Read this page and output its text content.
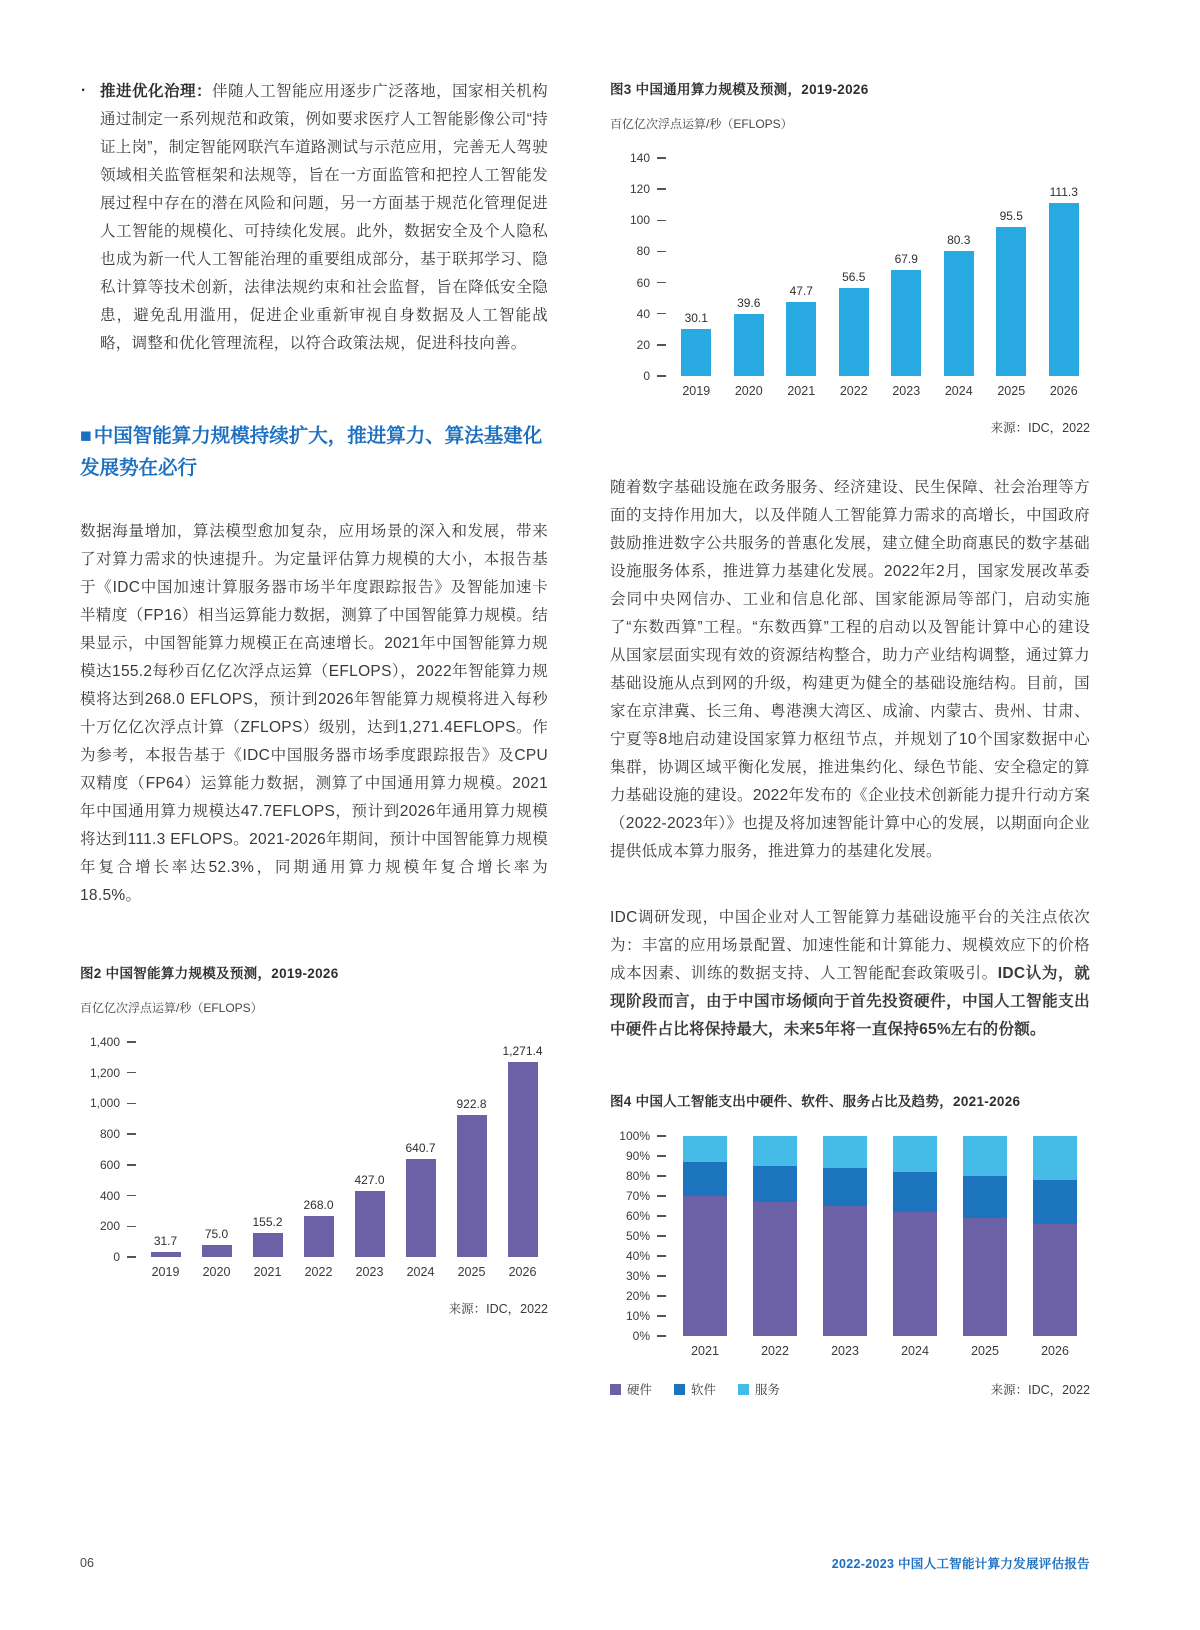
· 推进优化治理：伴随人工智能应用逐步广泛落地，国家相关机构通过制定一系列规范和政策，例如要求医疗人工智能影像公司“持证上岗”，制定智能网联汽车道路测试与示范应用，完善无人驾驶领域相关监管框架和法规等，旨在一方面监管和把控人工智能发展过程中存在的潜在风险和问题，另一方面基于规范化管理促进人工智能的规模化、可持续化发展。此外，数据安全及个人隐私也成为新一代人工智能治理的重要组成部分，基于联邦学习、隐私计算等技术创新，法律法规约束和社会监督，旨在降低安全隐患，避免乱用滥用，促进企业重新审视自身数据及人工智能战略，调整和优化管理流程，以符合政策法规，促进科技向善。

■ 中国智能算力规模持续扩大，推进算力、算法基建化发展势在必行

数据海量增加，算法模型愈加复杂，应用场景的深入和发展，带来了对算力需求的快速提升。为定量评估算力规模的大小，本报告基于《IDC中国加速计算服务器市场半年度跟踪报告》及智能加速卡半精度（FP16）相当运算能力数据，测算了中国智能算力规模。结果显示，中国智能算力规模正在高速增长。2021年中国智能算力规模达155.2每秒百亿亿次浮点运算（EFLOPS），2022年智能算力规模将达到268.0 EFLOPS，预计到2026年智能算力规模将进入每秒十万亿亿次浮点计算（ZFLOPS）级别，达到1,271.4EFLOPS。作为参考，本报告基于《IDC中国服务器市场季度跟踪报告》及CPU双精度（FP64）运算能力数据，测算了中国通用算力规模。2021年中国通用算力规模达47.7EFLOPS，预计到2026年通用算力规模将达到111.3 EFLOPS。2021-2026年期间，预计中国智能算力规模年复合增长率达52.3%，同期通用算力规模年复合增长率为18.5%。

图2 中国智能算力规模及预测，2019-2026
百亿亿次浮点运算/秒（EFLOPS）
1,400
1,200
1,000
800
600
400
200
0
31.7 75.0
155.2
268.0
427.0
640.7
922.8
1,271.4
2019	2020	2021	2022	2023	2024	2025	2026
来源：IDC，2022
图3 中国通用算力规模及预测，2019-2026
百亿亿次浮点运算/秒（EFLOPS）
140
120
100
80
60
40
20
0
30.1
39.6
47.7
56.5
67.9
80.3
95.5
111.3
2019	2020	2021	2022	2023	2024	2025	2026
来源：IDC，2022

随着数字基础设施在政务服务、经济建设、民生保障、社会治理等方面的支持作用加大，以及伴随人工智能算力需求的高增长，中国政府鼓励推进数字公共服务的普惠化发展，建立健全助商惠民的数字基础设施服务体系，推进算力基建化发展。2022年2月，国家发展改革委会同中央网信办、工业和信息化部、国家能源局等部门，启动实施了“东数西算”工程。“东数西算”工程的启动以及智能计算中心的建设从国家层面实现有效的资源结构整合，助力产业结构调整，通过算力基础设施从点到网的升级，构建更为健全的基础设施结构。目前，国家在京津冀、长三角、粤港澳大湾区、成渝、内蒙古、贵州、甘肃、宁夏等8地启动建设国家算力枢纽节点，并规划了10个国家数据中心集群，协调区域平衡化发展，推进集约化、绿色节能、安全稳定的算力基础设施的建设。2022年发布的《企业技术创新能力提升行动方案（2022-2023年）》也提及将加速智能计算中心的发展，以期面向企业提供低成本算力服务，推进算力的基建化发展。

IDC调研发现，中国企业对人工智能算力基础设施平台的关注点依次为：丰富的应用场景配置、加速性能和计算能力、规模效应下的价格成本因素、训练的数据支持、人工智能配套政策吸引。IDC认为，就现阶段而言，由于中国市场倾向于首先投资硬件，中国人工智能支出中硬件占比将保持最大，未来5年将一直保持65%左右的份额。

图4 中国人工智能支出中硬件、软件、服务占比及趋势，2021-2026
100%
90%
80%
70%
60%
50%
40%
30%
20%
10%
0%
2021	2022	2023	2024	2025	2026
硬件	软件	服务	来源：IDC，2022
06	2022-2023 中国人工智能计算力发展评估报告
